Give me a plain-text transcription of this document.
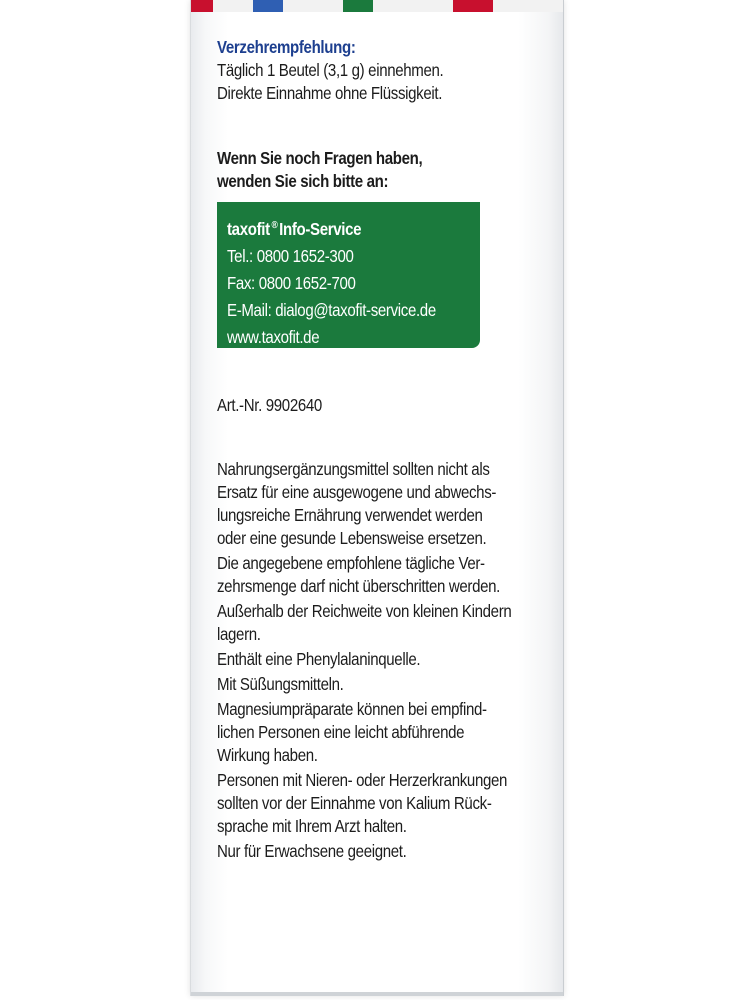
Verzehrempfehlung:
Täglich 1 Beutel (3,1 g) einnehmen.
Direkte Einnahme ohne Flüssigkeit.
Wenn Sie noch Fragen haben,
wenden Sie sich bitte an:
taxofit ®Info-Service
Tel.: 0800 1652-300
Fax: 0800 1652-700
E-Mail: dialog@taxofit-service.de
www.taxofit.de
Art.-Nr. 9902640

Nahrungsergänzungsmittel sollten nicht als
Ersatz für eine ausgewogene und abwechs-
lungsreiche Ernährung verwendet werden
oder eine gesunde Lebensweise ersetzen.

Die angegebene empfohlene tägliche Ver-
zehrsmenge darf nicht überschritten werden.

Außerhalb der Reichweite von kleinen Kindern
lagern.

Enthält eine Phenylalaninquelle.

Mit Süßungsmitteln.

Magnesiumpräparate können bei empfind-
lichen Personen eine leicht abführende
Wirkung haben.

Personen mit Nieren- oder Herzerkrankungen
sollten vor der Einnahme von Kalium Rück-
sprache mit Ihrem Arzt halten.

Nur für Erwachsene geeignet.
